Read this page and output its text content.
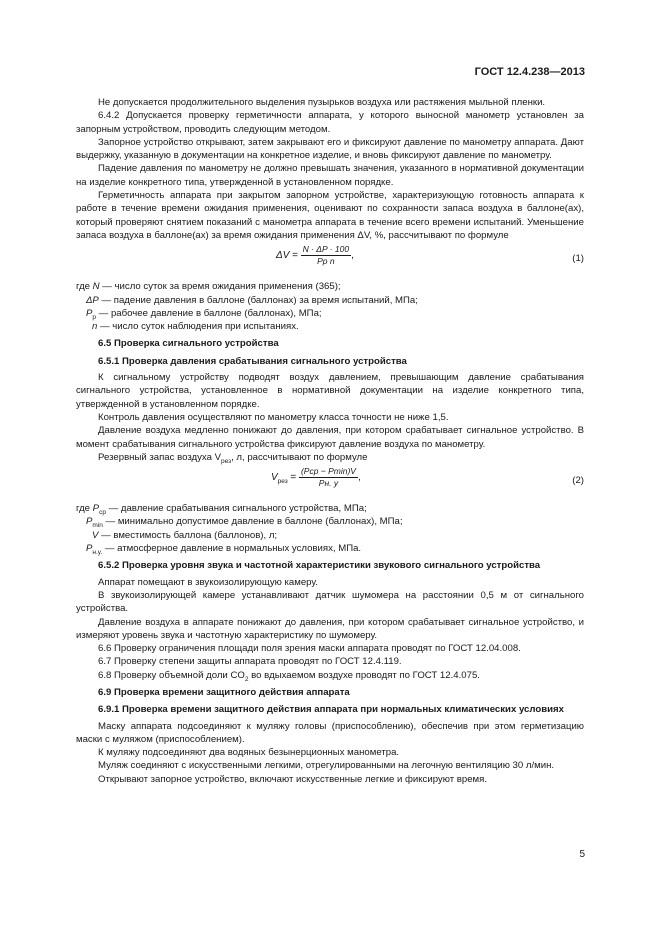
ГОСТ 12.4.238—2013

Не допускается продолжительного выделения пузырьков воздуха или растяжения мыльной пленки.

6.4.2 Допускается проверку герметичности аппарата, у которого выносной манометр установлен за запорным устройством, проводить следующим методом.

Запорное устройство открывают, затем закрывают его и фиксируют давление по манометру аппарата. Дают выдержку, указанную в документации на конкретное изделие, и вновь фиксируют давление по манометру.

Падение давления по манометру не должно превышать значения, указанного в нормативной документации на изделие конкретного типа, утвержденной в установленном порядке.

Герметичность аппарата при закрытом запорном устройстве, характеризующую готовность аппарата к работе в течение времени ожидания применения, оценивают по сохранности запаса воздуха в баллоне(ах), который проверяют снятием показаний с манометра аппарата в течение всего времени испытаний. Уменьшение запаса воздуха в баллоне(ах) за время ожидания применения ΔV, %, рассчитывают по формуле

$\Delta V = \frac{N \cdot \Delta P \cdot 100}{\text{Pр n}}$ ,	(1)

где N — число суток за время ожидания применения (365);

ΔP — падение давления в баллоне (баллонах) за время испытаний, МПа;

$P_р$ — рабочее давление в баллоне (баллонах), МПа;

n — число суток наблюдения при испытаниях.

6.5 Проверка сигнального устройства

6.5.1 Проверка давления срабатывания сигнального устройства

К сигнальному устройству подводят воздух давлением, превышающим давление срабатывания сигнального устройства, установленное в нормативной документации на изделие конкретного типа, утвержденной в установленном порядке.

Контроль давления осуществляют по манометру класса точности не ниже 1,5.

Давление воздуха медленно понижают до давления, при котором срабатывает сигнальное устройство. В момент срабатывания сигнального устройства фиксируют давление воздуха по манометру.

Резервный запас воздуха $V_{рез}$, л, рассчитывают по формуле

$V_{рез} = \frac{\text{(Pср − Pmin)V}}{Pн. у}$ ,	(2)

где $P_{ср}$ — давление срабатывания сигнального устройства, МПа;

$P_{min}$ — минимально допустимое давление в баллоне (баллонах), МПа;

V — вместимость баллона (баллонов), л;

$P_{н.у.}$ — атмосферное давление в нормальных условиях, МПа.

6.5.2 Проверка уровня звука и частотной характеристики звукового сигнального устройства

Аппарат помещают в звукоизолирующую камеру.

В звукоизолирующей камере устанавливают датчик шумомера на расстоянии 0,5 м от сигнального устройства.

Давление воздуха в аппарате понижают до давления, при котором срабатывает сигнальное устройство, и измеряют уровень звука и частотную характеристику по шумомеру.

6.6 Проверку ограничения площади поля зрения маски аппарата проводят по ГОСТ 12.04.008.

6.7 Проверку степени защиты аппарата проводят по ГОСТ 12.4.119.

6.8 Проверку объемной доли $CO_2$ во вдыхаемом воздухе проводят по ГОСТ 12.4.075.

6.9 Проверка времени защитного действия аппарата

6.9.1 Проверка времени защитного действия аппарата при нормальных климатических условиях

Маску аппарата подсоединяют к муляжу головы (приспособлению), обеспечив при этом герметизацию маски с муляжом (приспособлением).

К муляжу подсоединяют два водяных безынерционных манометра.

Муляж соединяют с искусственными легкими, отрегулированными на легочную вентиляцию 30 л/мин.

Открывают запорное устройство, включают искусственные легкие и фиксируют время.

5
